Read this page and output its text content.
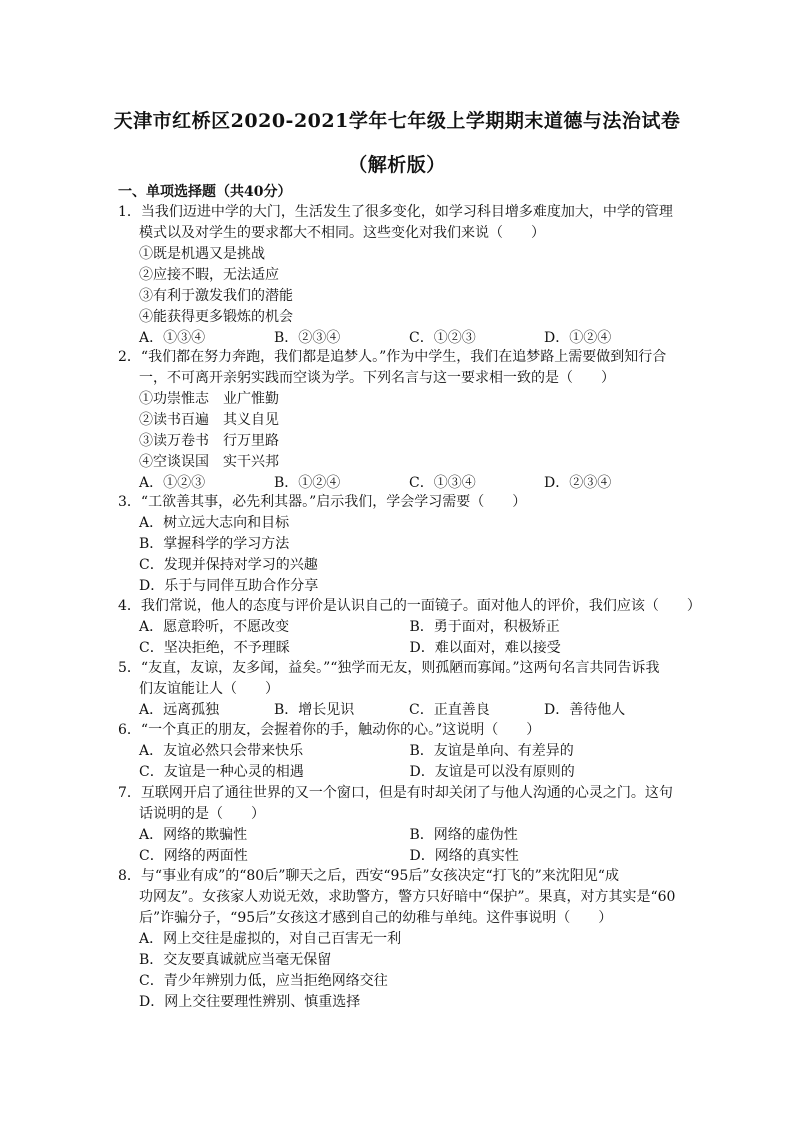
天津市红桥区2020-2021学年七年级上学期期末道德与法治试卷
（解析版）
一、单项选择题（共40分）
1．当我们迈进中学的大门，生活发生了很多变化，如学习科目增多难度加大，中学的管理
模式以及对学生的要求都大不相同。这些变化对我们来说（　　）
①既是机遇又是挑战
②应接不暇，无法适应
③有利于激发我们的潜能
④能获得更多锻炼的机会
A．①③④	B．②③④	C．①②③	D．①②④
2．“我们都在努力奔跑，我们都是追梦人。”作为中学生，我们在追梦路上需要做到知行合
一，不可离开亲躬实践而空谈为学。下列名言与这一要求相一致的是（　　）
①功崇惟志　业广惟勤
②读书百遍　其义自见
③读万卷书　行万里路
④空谈误国　实干兴邦
A．①②③	B．①②④	C．①③④	D．②③④
3．“工欲善其事，必先利其器。”启示我们，学会学习需要（　　）
A．树立远大志向和目标
B．掌握科学的学习方法
C．发现并保持对学习的兴趣
D．乐于与同伴互助合作分享
4．我们常说，他人的态度与评价是认识自己的一面镜子。面对他人的评价，我们应该（　　）
A．愿意聆听，不愿改变	B．勇于面对，积极矫正
C．坚决拒绝，不予理睬	D．难以面对，难以接受
5．“友直，友谅，友多闻，益矣。”“独学而无友，则孤陋而寡闻。”这两句名言共同告诉我
们友谊能让人（　　）
A．远离孤独	B．增长见识	C．正直善良	D．善待他人
6．“一个真正的朋友，会握着你的手，触动你的心。”这说明（　　）
A．友谊必然只会带来快乐	B．友谊是单向、有差异的
C．友谊是一种心灵的相遇	D．友谊是可以没有原则的
7．互联网开启了通往世界的又一个窗口，但是有时却关闭了与他人沟通的心灵之门。这句
话说明的是（　　）
A．网络的欺骗性	B．网络的虚伪性
C．网络的两面性	D．网络的真实性
8．与“事业有成”的“80后”聊天之后，西安“95后”女孩决定“打飞的”来沈阳见“成
功网友”。女孩家人劝说无效，求助警方，警方只好暗中“保护”。果真，对方其实是“60
后”诈骗分子，“95后”女孩这才感到自己的幼稚与单纯。这件事说明（　　）
A．网上交往是虚拟的，对自己百害无一利
B．交友要真诚就应当毫无保留
C．青少年辨别力低，应当拒绝网络交往
D．网上交往要理性辨别、慎重选择
